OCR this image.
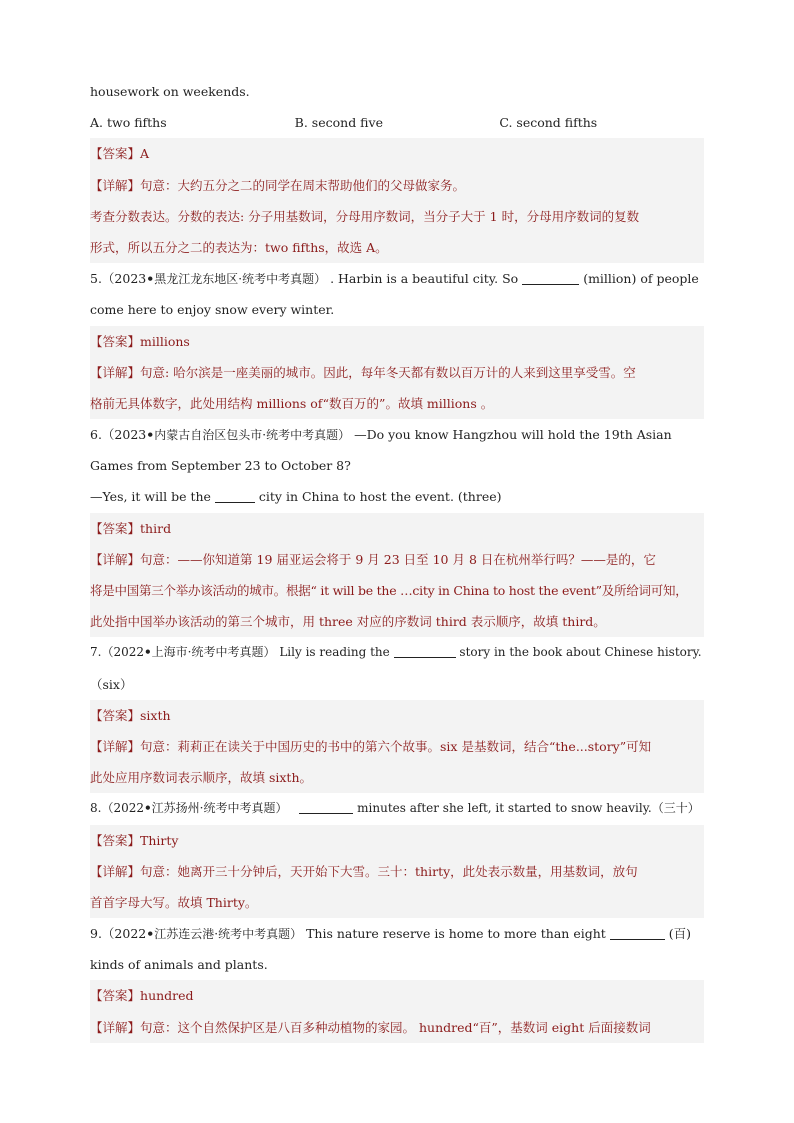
housework on weekends.
A. two fifths	B. second five	C. second fifths
【答案】A
【详解】句意：大约五分之二的同学在周末帮助他们的父母做家务。
考查分数表达。分数的表达: 分子用基数词，分母用序数词，当分子大于 1 时，分母用序数词的复数
形式，所以五分之二的表达为：two fifths，故选 A。
5.（2023•黑龙江龙东地区·统考中考真题） . Harbin is a beautiful city. So	(million) of people
come here to enjoy snow every winter.
【答案】millions
【详解】句意: 哈尔滨是一座美丽的城市。因此，每年冬天都有数以百万计的人来到这里享受雪。空
格前无具体数字，此处用结构 millions of“数百万的”。故填 millions 。
6.（2023•内蒙古自治区包头市·统考中考真题） —Do you know Hangzhou will hold the 19th Asian
Games from September 23 to October 8?
—Yes, it will be the	city in China to host the event. (three)
【答案】third
【详解】句意：——你知道第 19 届亚运会将于 9 月 23 日至 10 月 8 日在杭州举行吗？——是的，它
将是中国第三个举办该活动的城市。根据“ it will be the …city in China to host the event”及所给词可知，
此处指中国举办该活动的第三个城市，用 three 对应的序数词 third 表示顺序，故填 third。
7.（2022•上海市·统考中考真题） Lily is reading the	story in the book about Chinese history.
（six）
【答案】sixth
【详解】句意：莉莉正在读关于中国历史的书中的第六个故事。six 是基数词，结合“the...story”可知
此处应用序数词表示顺序，故填 sixth。
8.（2022•江苏扬州·统考中考真题）	minutes after she left, it started to snow heavily.（三十）
【答案】Thirty
【详解】句意：她离开三十分钟后，天开始下大雪。三十：thirty，此处表示数量，用基数词，放句
首首字母大写。故填 Thirty。
9.（2022•江苏连云港·统考中考真题） This nature reserve is home to more than eight	(百)
kinds of animals and plants.
【答案】hundred
【详解】句意：这个自然保护区是八百多种动植物的家园。 hundred“百”，基数词 eight 后面接数词
